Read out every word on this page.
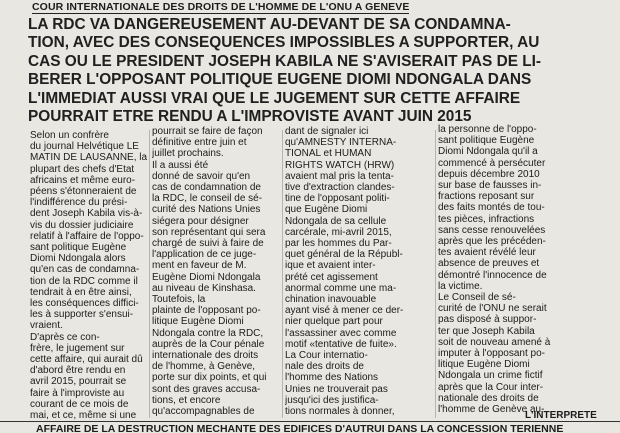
COUR INTERNATIONALE DES DROITS DE L'HOMME DE L'ONU A GENEVE
LA RDC VA DANGEREUSEMENT AU-DEVANT DE SA CONDAMNA-
TION, AVEC DES CONSEQUENCES IMPOSSIBLES A SUPPORTER, AU
CAS OU LE PRESIDENT JOSEPH KABILA NE S'AVISERAIT PAS DE LI-
BERER L'OPPOSANT POLITIQUE EUGENE DIOMI NDONGALA DANS
L'IMMEDIAT AUSSI VRAI QUE LE JUGEMENT SUR CETTE AFFAIRE
POURRAIT ETRE RENDU A L'IMPROVISTE AVANT JUIN 2015
Selon un confrère
du journal Helvétique LE
MATIN DE LAUSANNE, la
plupart des chefs d'Etat
africains et même euro-
péens s'étonneraient de
l'indifférence du prési-
dent Joseph Kabila vis-à-
vis du dossier judiciaire
relatif à l'affaire de l'oppo-
sant politique Eugène
Diomi Ndongala alors
qu'en cas de condamna-
tion de la RDC comme il
tendrait à en être ainsi,
les conséquences diffici-
les à supporter s'ensui-
vraient.
D'après ce con-
frère, le jugement sur
cette affaire, qui aurait dû
d'abord être rendu en
avril 2015, pourrait se
faire à l'improviste au
courant de ce mois de
mai, et ce, même si une
pourrait se faire de façon
définitive entre juin et
juillet prochains.
Il a aussi été
donné de savoir qu'en
cas de condamnation de
la RDC, le conseil de sé-
curité des Nations Unies
siégera pour désigner
son représentant qui sera
chargé de suivi à faire de
l'application de ce juge-
ment en faveur de M.
Eugène Diomi Ndongala
au niveau de Kinshasa.
Toutefois, la
plainte de l'opposant po-
litique Eugène Diomi
Ndongala contre la RDC,
auprès de la Cour pénale
internationale des droits
de l'homme, à Genève,
porte sur dix points, et qui
sont des graves accusa-
tions, et encore
qu'accompagnables de
dant de signaler ici
qu'AMNESTY INTERNA-
TIONAL et HUMAN
RIGHTS WATCH (HRW)
avaient mal pris la tenta-
tive d'extraction clandes-
tine de l'opposant politi-
que Eugène Diomi
Ndongala de sa cellule
carcérale, mi-avril 2015,
par les hommes du Par-
quet général de la Républ-
ique et avaient inter-
prété cet agissement
anormal comme une ma-
chination inavouable
ayant visé à mener ce der-
nier quelque part pour
l'assassiner avec comme
motif «tentative de fuite».
La Cour internatio-
nale des droits de
l'homme des Nations
Unies ne trouverait pas
jusqu'ici des justifica-
tions normales à donner,
la personne de l'oppo-
sant politique Eugène
Diomi Ndongala qu'il a
commencé à persécuter
depuis décembre 2010
sur base de fausses in-
fractions reposant sur
des faits montés de tou-
tes pièces, infractions
sans cesse renouvelées
après que les précéden-
tes avaient révélé leur
absence de preuves et
démontré l'innocence de
la victime.
Le Conseil de sé-
curité de l'ONU ne serait
pas disposé à suppor-
ter que Joseph Kabila
soit de nouveau amené à
imputer à l'opposant po-
litique Eugène Diomi
Ndongala un crime fictif
après que la Cour inter-
nationale des droits de
l'homme de Genève au-
L'INTERPRETE
AFFAIRE DE LA DESTRUCTION MECHANTE DES EDIFICES D'AUTRUI DANS LA CONCESSION TERIENNE
